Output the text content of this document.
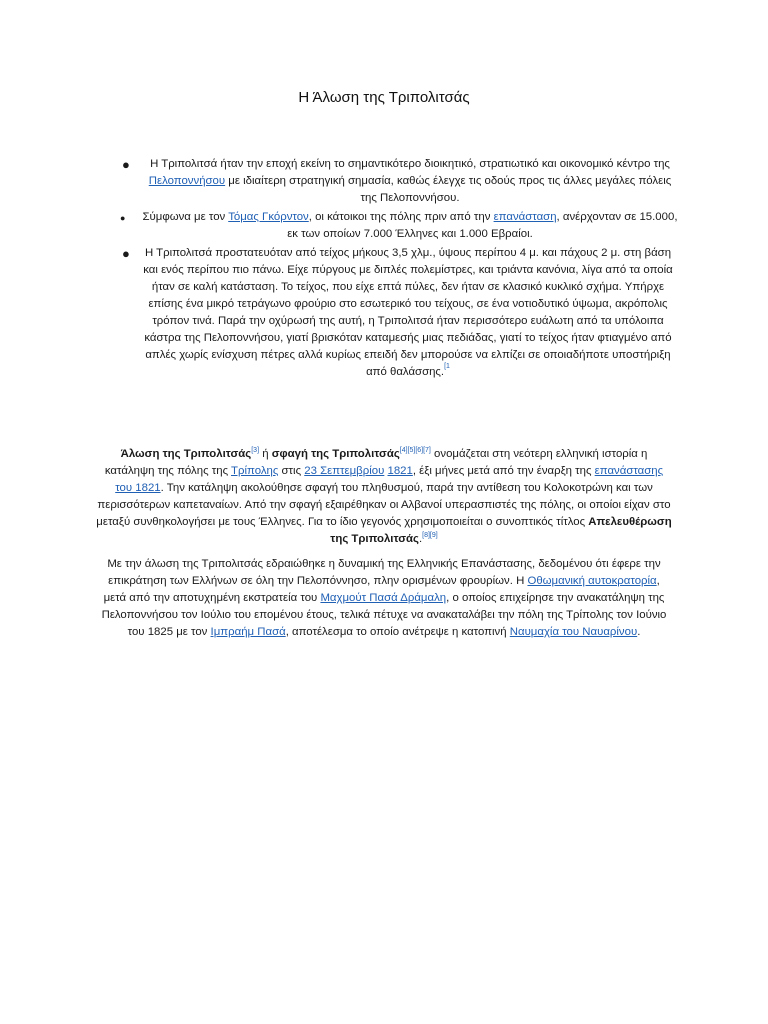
Η Άλωση της Τριπολιτσάς
●	Η Τριπολιτσά ήταν την εποχή εκείνη το σημαντικότερο διοικητικό, στρατιωτικό και οικονομικό κέντρο της Πελοποννήσου με ιδιαίτερη στρατηγική σημασία, καθώς έλεγχε τις οδούς προς τις άλλες μεγάλες πόλεις της Πελοποννήσου.
●	Σύμφωνα με τον Τόμας Γκόρντον, οι κάτοικοι της πόλης πριν από την επανάσταση, ανέρχονταν σε 15.000, εκ των οποίων 7.000 Έλληνες και 1.000 Εβραίοι.
●	Η Τριπολιτσά προστατευόταν από τείχος μήκους 3,5 χλμ., ύψους περίπου 4 μ. και πάχους 2 μ. στη βάση και ενός περίπου πιο πάνω. Είχε πύργους με διπλές πολεμίστρες, και τριάντα κανόνια, λίγα από τα οποία ήταν σε καλή κατάσταση. Το τείχος, που είχε επτά πύλες, δεν ήταν σε κλασικό κυκλικό σχήμα. Υπήρχε επίσης ένα μικρό τετράγωνο φρούριο στο εσωτερικό του τείχους, σε ένα νοτιοδυτικό ύψωμα, ακρόπολις τρόπον τινά. Παρά την οχύρωσή της αυτή, η Τριπολιτσά ήταν περισσότερο ευάλωτη από τα υπόλοιπα κάστρα της Πελοποννήσου, γιατί βρισκόταν καταμεσής μιας πεδιάδας, γιατί το τείχος ήταν φτιαγμένο από απλές χωρίς ενίσχυση πέτρες αλλά κυρίως επειδή δεν μπορούσε να ελπίζει σε οποιαδήποτε υποστήριξη από θαλάσσης.$^{[1}$
Άλωση της Τριπολιτσάς[3] ή σφαγή της Τριπολιτσάς[4][5][6][7] ονομάζεται στη νεότερη ελληνική ιστορία η κατάληψη της πόλης της Τρίπολης στις 23 Σεπτεμβρίου 1821, έξι μήνες μετά από την έναρξη της επανάστασης του 1821. Την κατάληψη ακολούθησε σφαγή του πληθυσμού, παρά την αντίθεση του Κολοκοτρώνη και των περισσότερων καπεταναίων. Από την σφαγή εξαιρέθηκαν οι Αλβανοί υπερασπιστές της πόλης, οι οποίοι είχαν στο μεταξύ συνθηκολογήσει με τους Έλληνες. Για το ίδιο γεγονός χρησιμοποιείται ο συνοπτικός τίτλος Απελευθέρωση της Τριπολιτσάς.[8][9]
Με την άλωση της Τριπολιτσάς εδραιώθηκε η δυναμική της Ελληνικής Επανάστασης, δεδομένου ότι έφερε την επικράτηση των Ελλήνων σε όλη την Πελοπόννησο, πλην ορισμένων φρουρίων. Η Οθωμανική αυτοκρατορία, μετά από την αποτυχημένη εκστρατεία του Μαχμούτ Πασά Δράμαλη, ο οποίος επιχείρησε την ανακατάληψη της Πελοποννήσου τον Ιούλιο του επομένου έτους, τελικά πέτυχε να ανακαταλάβει την πόλη της Τρίπολης τον Ιούνιο του 1825 με τον Ιμπραήμ Πασά, αποτέλεσμα το οποίο ανέτρεψε η κατοπινή Ναυμαχία του Ναυαρίνου.
